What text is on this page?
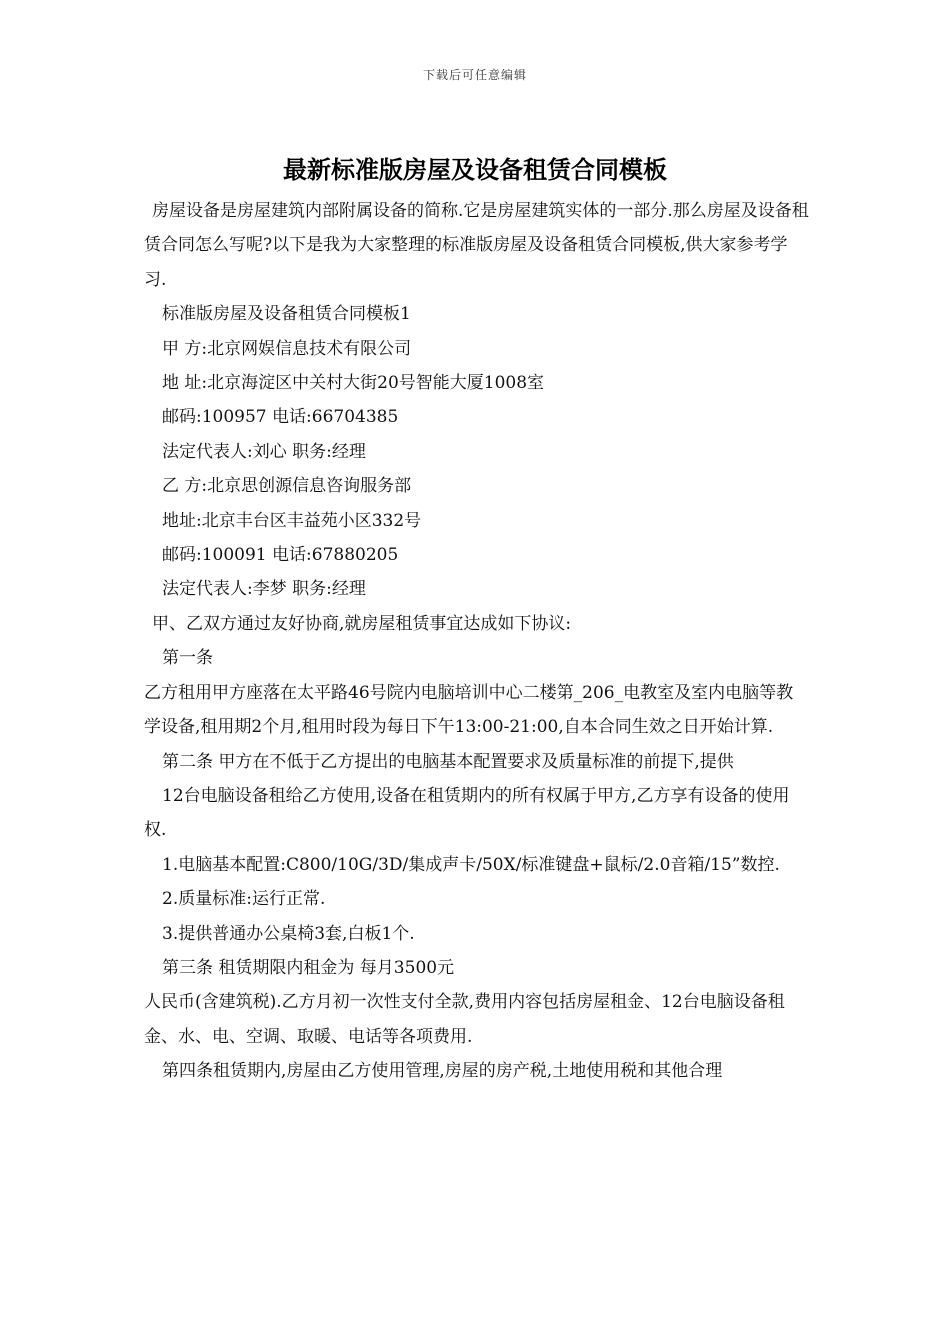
下载后可任意编辑
最新标准版房屋及设备租赁合同模板

房屋设备是房屋建筑内部附属设备的简称.它是房屋建筑实体的一部分.那么房屋及设备租赁合同怎么写呢?以下是我为大家整理的标准版房屋及设备租赁合同模板,供大家参考学习.

标准版房屋及设备租赁合同模板1

甲 方:北京网娱信息技术有限公司

地 址:北京海淀区中关村大街20号智能大厦1008室

邮码:100957 电话:66704385

法定代表人:刘心 职务:经理

乙 方:北京思创源信息咨询服务部

地址:北京丰台区丰益苑小区332号

邮码:100091 电话:67880205

法定代表人:李梦 职务:经理

甲、乙双方通过友好协商,就房屋租赁事宜达成如下协议:

第一条

乙方租用甲方座落在太平路46号院内电脑培训中心二楼第_206_电教室及室内电脑等教学设备,租用期2个月,租用时段为每日下午13:00-21:00,自本合同生效之日开始计算.

第二条 甲方在不低于乙方提出的电脑基本配置要求及质量标准的前提下,提供

12台电脑设备租给乙方使用,设备在租赁期内的所有权属于甲方,乙方享有设备的使用权.

1.电脑基本配置:C800/10G/3D/集成声卡/50X/标准键盘+鼠标/2.0音箱/15”数控.

2.质量标准:运行正常.

3.提供普通办公桌椅3套,白板1个.

第三条 租赁期限内租金为 每月3500元

人民币(含建筑税).乙方月初一次性支付全款,费用内容包括房屋租金、12台电脑设备租金、水、电、空调、取暖、电话等各项费用.

第四条租赁期内,房屋由乙方使用管理,房屋的房产税,土地使用税和其他合理
